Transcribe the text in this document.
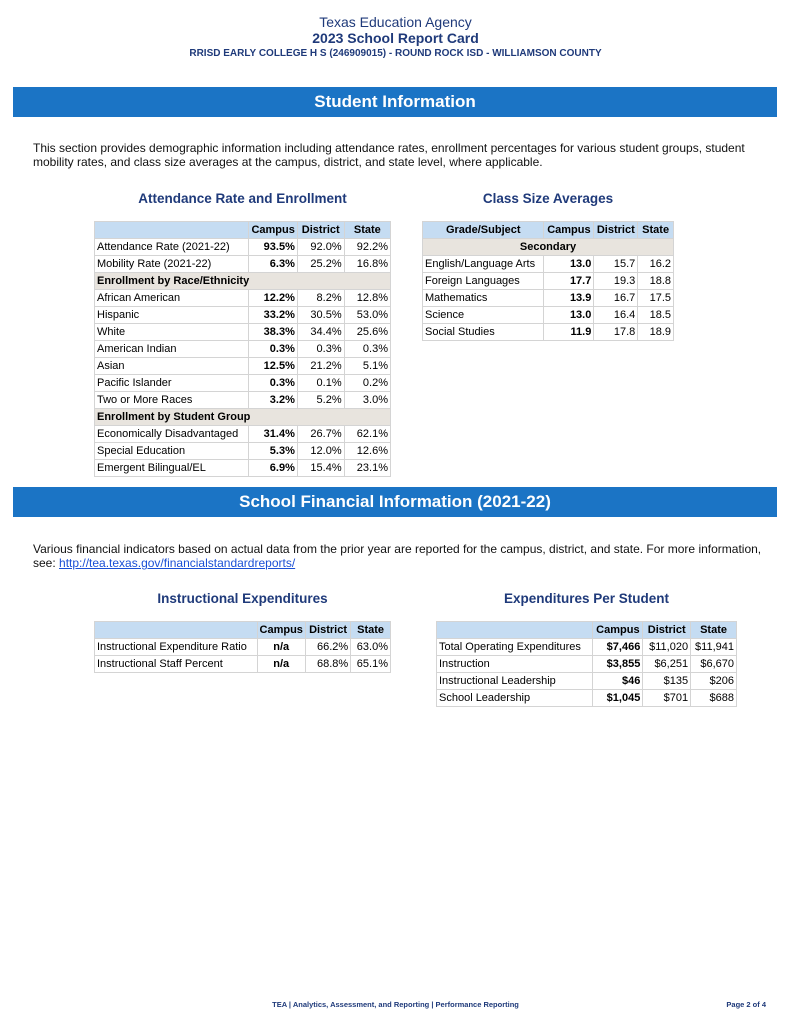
Texas Education Agency
2023 School Report Card
RRISD EARLY COLLEGE H S (246909015) - ROUND ROCK ISD - WILLIAMSON COUNTY
Student Information
This section provides demographic information including attendance rates, enrollment percentages for various student groups, student mobility rates, and class size averages at the campus, district, and state level, where applicable.
Attendance Rate and Enrollment
	Campus	District	State
Attendance Rate (2021-22)	93.5%	92.0%	92.2%
Mobility Rate (2021-22)	6.3%	25.2%	16.8%
Enrollment by Race/Ethnicity			
African American	12.2%	8.2%	12.8%
Hispanic	33.2%	30.5%	53.0%
White	38.3%	34.4%	25.6%
American Indian	0.3%	0.3%	0.3%
Asian	12.5%	21.2%	5.1%
Pacific Islander	0.3%	0.1%	0.2%
Two or More Races	3.2%	5.2%	3.0%
Enrollment by Student Group			
Economically Disadvantaged	31.4%	26.7%	62.1%
Special Education	5.3%	12.0%	12.6%
Emergent Bilingual/EL	6.9%	15.4%	23.1%
Class Size Averages
Grade/Subject	Campus	District	State
Secondary			
English/Language Arts	13.0	15.7	16.2
Foreign Languages	17.7	19.3	18.8
Mathematics	13.9	16.7	17.5
Science	13.0	16.4	18.5
Social Studies	11.9	17.8	18.9
School Financial Information (2021-22)
Various financial indicators based on actual data from the prior year are reported for the campus, district, and state. For more information, see: http://tea.texas.gov/financialstandardreports/
Instructional Expenditures
	Campus	District	State
Instructional Expenditure Ratio	n/a	66.2%	63.0%
Instructional Staff Percent	n/a	68.8%	65.1%
Expenditures Per Student
	Campus	District	State
Total Operating Expenditures	$7,466	$11,020	$11,941
Instruction	$3,855	$6,251	$6,670
Instructional Leadership	$46	$135	$206
School Leadership	$1,045	$701	$688
TEA | Analytics, Assessment, and Reporting | Performance Reporting	Page 2 of 4
